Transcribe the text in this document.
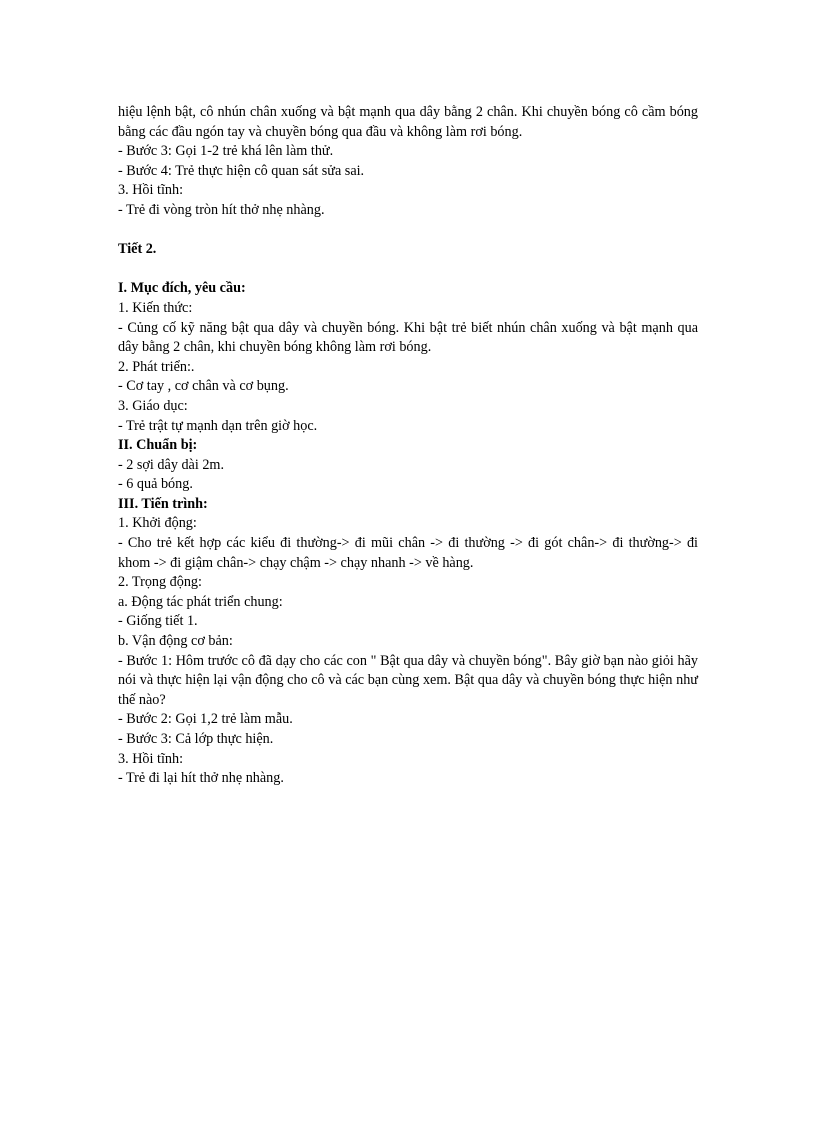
hiệu lệnh bật, cô nhún chân xuống và bật mạnh qua dây bằng 2 chân. Khi chuyền bóng cô cầm bóng bằng các đầu ngón tay và chuyền bóng qua đầu và không làm rơi bóng.
- Bước 3: Gọi 1-2 trẻ khá lên làm thử.
- Bước 4: Trẻ thực hiện cô quan sát sửa sai.
3. Hồi tĩnh:
- Trẻ đi vòng tròn hít thở nhẹ nhàng.
Tiết 2.
I. Mục đích, yêu cầu:
1. Kiến thức:
- Củng cố kỹ năng bật qua dây và chuyền bóng. Khi bật trẻ biết nhún chân xuống và bật mạnh qua dây bằng 2 chân, khi chuyền bóng không làm rơi bóng.
2. Phát triển:.
- Cơ tay , cơ chân và cơ bụng.
3. Giáo dục:
- Trẻ trật tự mạnh dạn trên giờ học.
II. Chuẩn bị:
- 2 sợi dây dài 2m.
- 6 quả bóng.
III. Tiến trình:
1. Khởi động:
- Cho trẻ kết hợp các kiểu đi thường-> đi mũi chân -> đi thường -> đi gót chân-> đi thường-> đi khom -> đi giậm chân-> chạy chậm -> chạy nhanh -> về hàng.
2. Trọng động:
a. Động tác phát triển chung:
- Giống tiết 1.
b. Vận động cơ bản:
- Bước 1: Hôm trước cô đã dạy cho các con " Bật qua dây và chuyền bóng". Bây giờ bạn nào giỏi hãy nói và thực hiện lại vận động cho cô và các bạn cùng xem. Bật qua dây và chuyền bóng thực hiện như thế nào?
- Bước 2: Gọi 1,2 trẻ làm mẫu.
- Bước 3: Cả lớp thực hiện.
3. Hồi tĩnh:
- Trẻ đi lại hít thở nhẹ nhàng.
